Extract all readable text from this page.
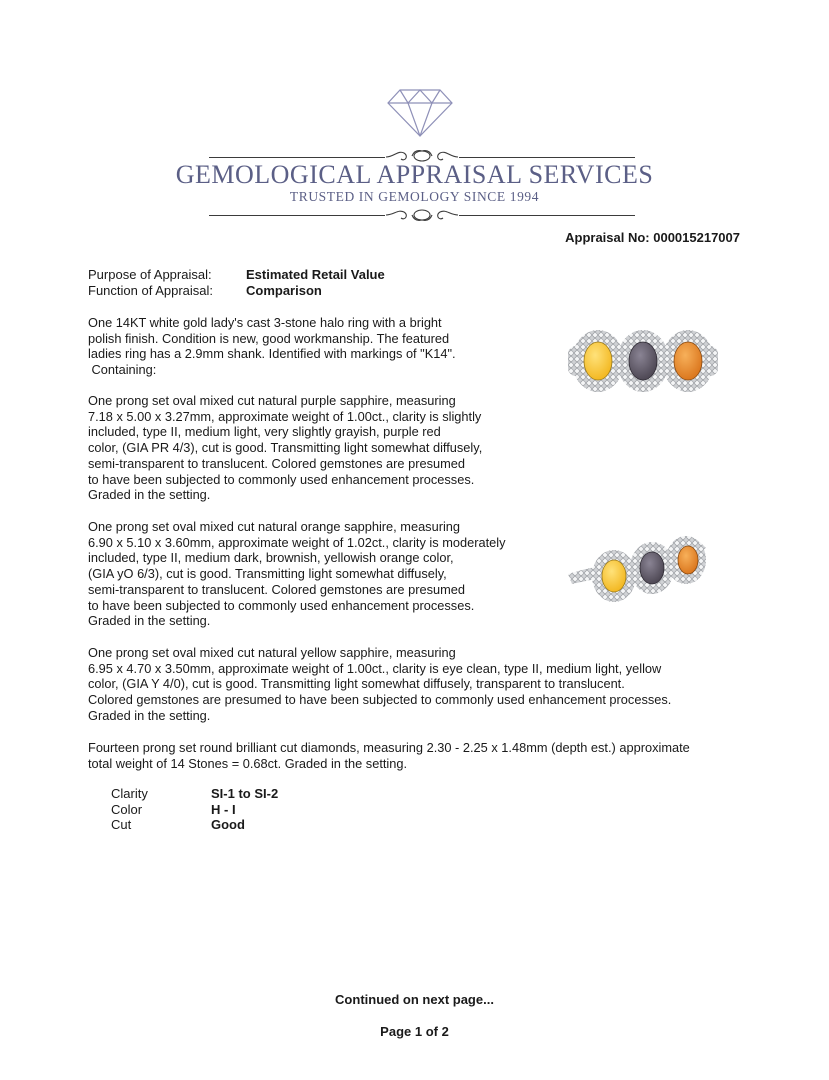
GEMOLOGICAL APPRAISAL SERVICES
TRUSTED IN GEMOLOGY SINCE 1994
Appraisal No: 000015217007
Purpose of Appraisal:	Estimated Retail Value
Function of Appraisal:	Comparison

One 14KT white gold lady's cast 3-stone halo ring with a bright
polish finish. Condition is new, good workmanship. The featured
ladies ring has a 2.9mm shank. Identified with markings of "K14".
Containing:

One prong set oval mixed cut natural purple sapphire, measuring
7.18 x 5.00 x 3.27mm, approximate weight of 1.00ct., clarity is slightly
included, type II, medium light, very slightly grayish, purple red
color, (GIA PR 4/3), cut is good. Transmitting light somewhat diffusely,
semi-transparent to translucent. Colored gemstones are presumed
to have been subjected to commonly used enhancement processes.
Graded in the setting.

One prong set oval mixed cut natural orange sapphire, measuring
6.90 x 5.10 x 3.60mm, approximate weight of 1.02ct., clarity is moderately
included, type II, medium dark, brownish, yellowish orange color,
(GIA yO 6/3), cut is good. Transmitting light somewhat diffusely,
semi-transparent to translucent. Colored gemstones are presumed
to have been subjected to commonly used enhancement processes.
Graded in the setting.

One prong set oval mixed cut natural yellow sapphire, measuring
6.95 x 4.70 x 3.50mm, approximate weight of 1.00ct., clarity is eye clean, type II, medium light, yellow
color, (GIA Y 4/0), cut is good. Transmitting light somewhat diffusely, transparent to translucent.
Colored gemstones are presumed to have been subjected to commonly used enhancement processes.
Graded in the setting.

Fourteen prong set round brilliant cut diamonds, measuring 2.30 - 2.25 x 1.48mm (depth est.) approximate
total weight of 14 Stones = 0.68ct. Graded in the setting.

Clarity	SI-1 to SI-2
Color	H - I
Cut	Good
Continued on next page...
Page 1 of 2
